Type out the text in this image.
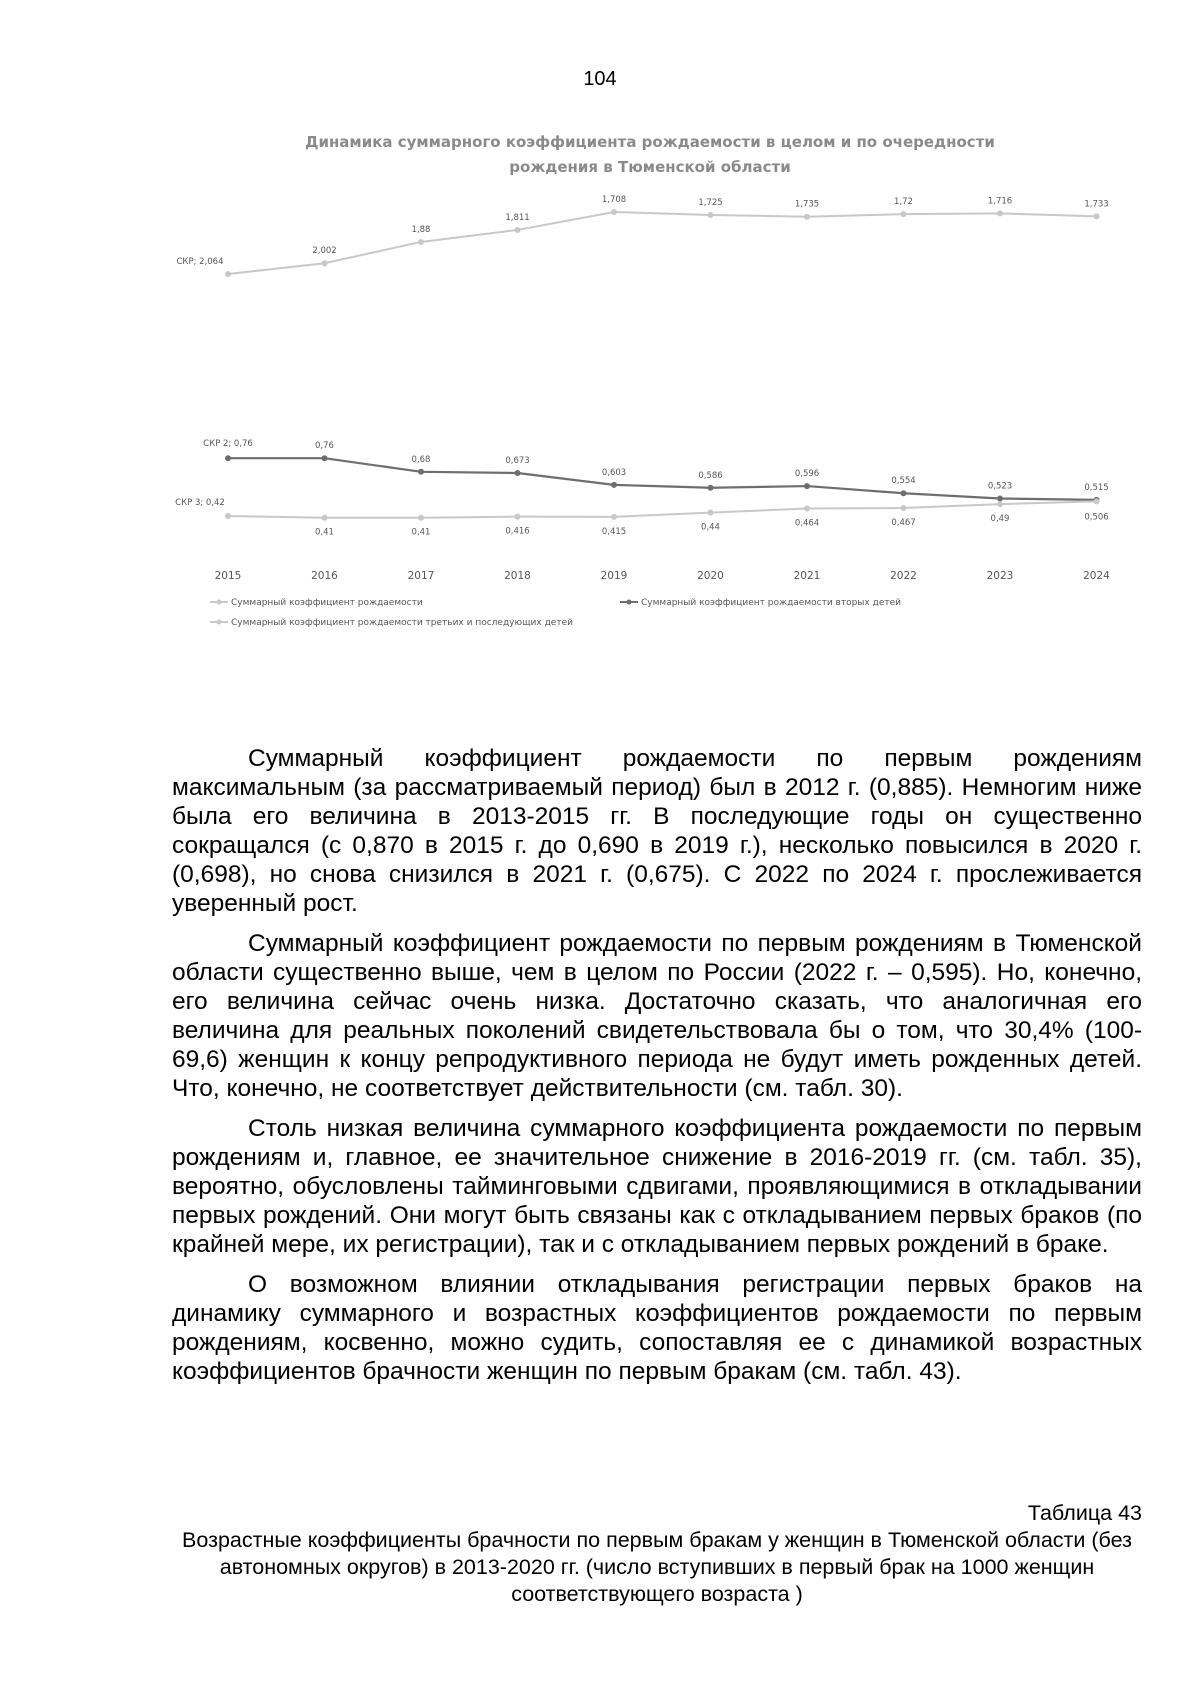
104
Динамика суммарного коэффициента рождаемости в целом и по очередности
рождения в Тюменской области
СКР; 2,064
2,002
1,88
1,811
1,708	1,725	1,735	1,72	1,716	1,733
СКР 2; 0,76	0,76
0,68	0,673
0,603	0,586	0,596
0,554
0,523	0,515
СКР 3; 0,42
0,41	0,41	0,416	0,415	0,44	0,464	0,467	0,49	0,506
2015	2016	2017	2018	2019	2020	2021	2022	2023	2024
Суммарный коэффициент рождаемости	Суммарный коэффициент рождаемости вторых детей
Суммарный коэффициент рождаемости третьих и последующих детей

Суммарный коэффициент рождаемости по первым рождениям максимальным (за рассматриваемый период) был в 2012 г. (0,885). Немногим ниже была его величина в 2013-2015 гг. В последующие годы он существенно сокращался (с 0,870 в 2015 г. до 0,690 в 2019 г.), несколько повысился в 2020 г. (0,698), но снова снизился в 2021 г. (0,675). С 2022 по 2024 г. прослеживается уверенный рост.

Суммарный коэффициент рождаемости по первым рождениям в Тюменской области существенно выше, чем в целом по России (2022 г. – 0,595). Но, конечно, его величина сейчас очень низка. Достаточно сказать, что аналогичная его величина для реальных поколений свидетельствовала бы о том, что 30,4% (100-69,6) женщин к концу репродуктивного периода не будут иметь рожденных детей. Что, конечно, не соответствует действительности (см. табл. 30).

Столь низкая величина суммарного коэффициента рождаемости по первым рождениям и, главное, ее значительное снижение в 2016-2019 гг. (см. табл. 35), вероятно, обусловлены тайминговыми сдвигами, проявляющимися в откладывании первых рождений. Они могут быть связаны как с откладыванием первых браков (по крайней мере, их регистрации), так и с откладыванием первых рождений в браке.

О возможном влиянии откладывания регистрации первых браков на динамику суммарного и возрастных коэффициентов рождаемости по первым рождениям, косвенно, можно судить, сопоставляя ее с динамикой возрастных коэффициентов брачности женщин по первым бракам (см. табл. 43).

Таблица 43
Возрастные коэффициенты брачности по первым бракам у женщин в Тюменской области (без автономных округов) в 2013-2020 гг. (число вступивших в первый брак на 1000 женщин соответствующего возраста )
